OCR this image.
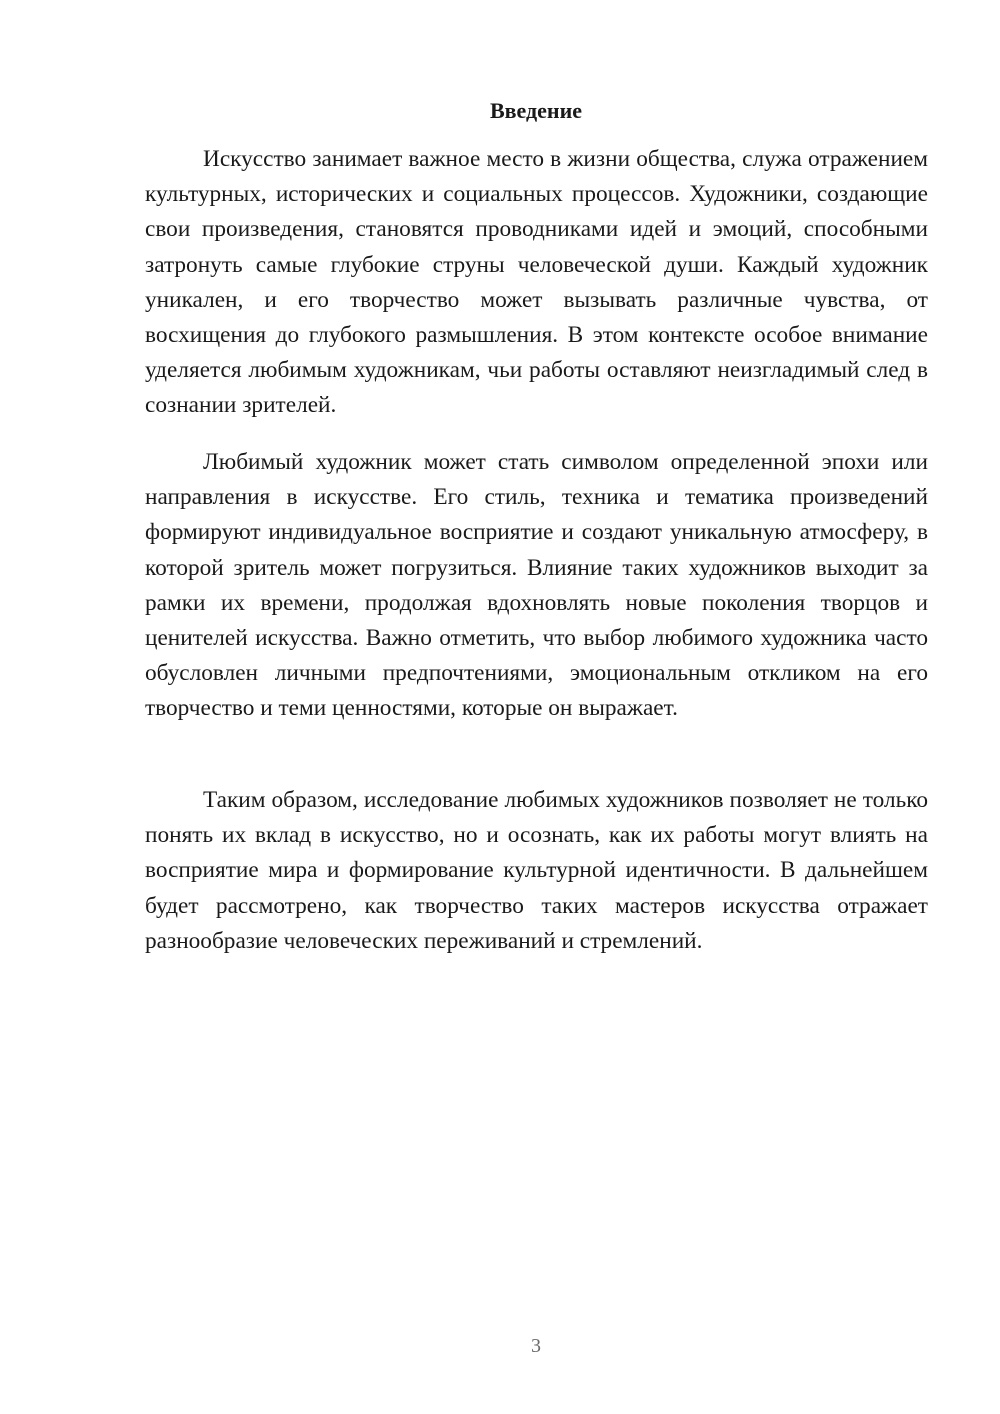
Введение

Искусство занимает важное место в жизни общества, служа отражением культурных, исторических и социальных процессов. Художники, создающие свои произведения, становятся проводниками идей и эмоций, способными затронуть самые глубокие струны человеческой души. Каждый художник уникален, и его творчество может вызывать различные чувства, от восхищения до глубокого размышления. В этом контексте особое внимание уделяется любимым художникам, чьи работы оставляют неизгладимый след в сознании зрителей.

Любимый художник может стать символом определенной эпохи или направления в искусстве. Его стиль, техника и тематика произведений формируют индивидуальное восприятие и создают уникальную атмосферу, в которой зритель может погрузиться. Влияние таких художников выходит за рамки их времени, продолжая вдохновлять новые поколения творцов и ценителей искусства. Важно отметить, что выбор любимого художника часто обусловлен личными предпочтениями, эмоциональным откликом на его творчество и теми ценностями, которые он выражает.

Таким образом, исследование любимых художников позволяет не только понять их вклад в искусство, но и осознать, как их работы могут влиять на восприятие мира и формирование культурной идентичности. В дальнейшем будет рассмотрено, как творчество таких мастеров искусства отражает разнообразие человеческих переживаний и стремлений.

3
